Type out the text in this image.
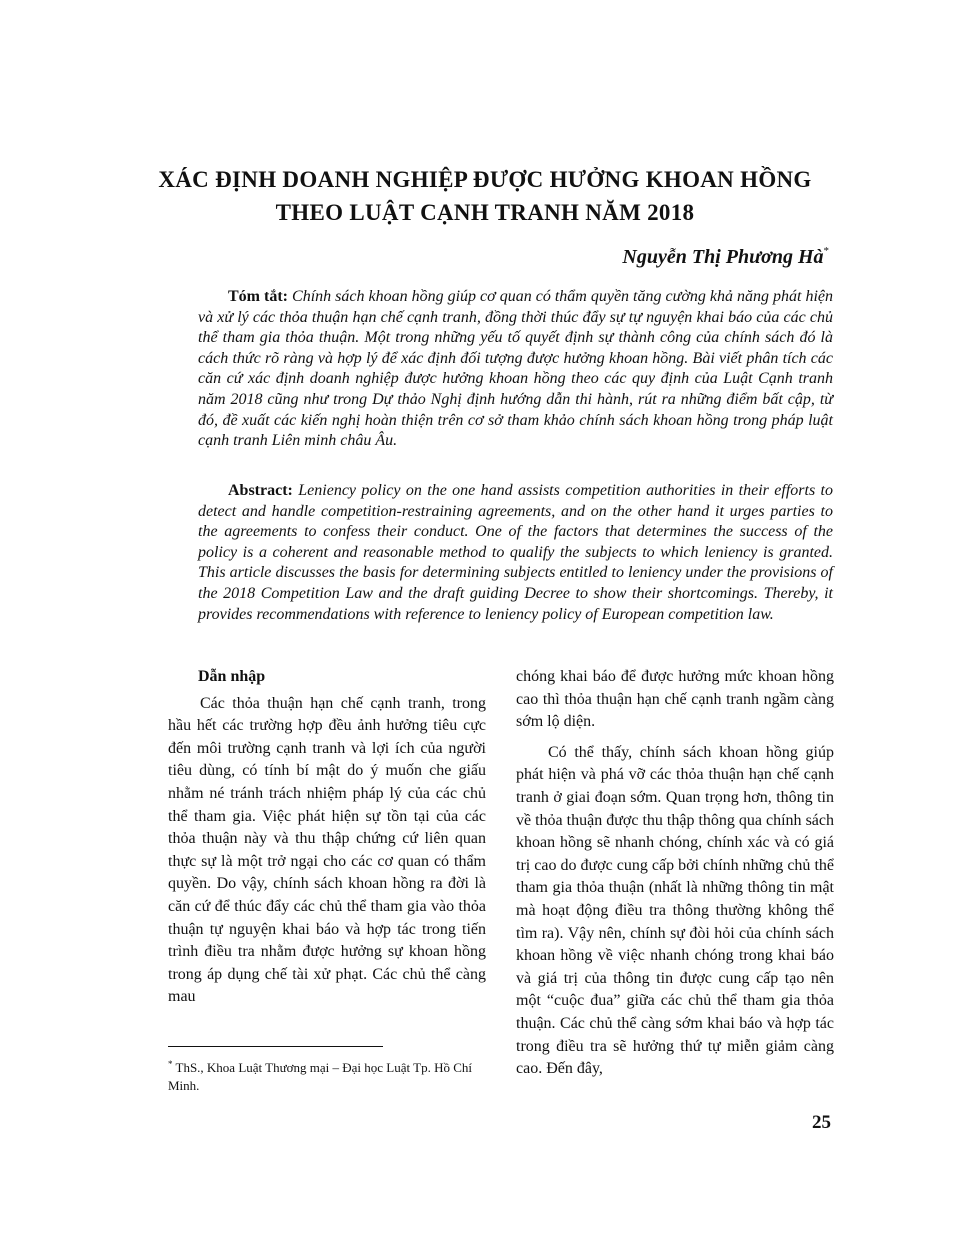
XÁC ĐỊNH DOANH NGHIỆP ĐƯỢC HƯỞNG KHOAN HỒNG
THEO LUẬT CẠNH TRANH NĂM 2018
Nguyễn Thị Phương Hà*
Tóm tắt: Chính sách khoan hồng giúp cơ quan có thẩm quyền tăng cường khả năng phát hiện và xử lý các thỏa thuận hạn chế cạnh tranh, đồng thời thúc đẩy sự tự nguyện khai báo của các chủ thể tham gia thỏa thuận. Một trong những yếu tố quyết định sự thành công của chính sách đó là cách thức rõ ràng và hợp lý để xác định đối tượng được hưởng khoan hồng. Bài viết phân tích các căn cứ xác định doanh nghiệp được hưởng khoan hồng theo các quy định của Luật Cạnh tranh năm 2018 cũng như trong Dự thảo Nghị định hướng dẫn thi hành, rút ra những điểm bất cập, từ đó, đề xuất các kiến nghị hoàn thiện trên cơ sở tham khảo chính sách khoan hồng trong pháp luật cạnh tranh Liên minh châu Âu.
Abstract: Leniency policy on the one hand assists competition authorities in their efforts to detect and handle competition-restraining agreements, and on the other hand it urges parties to the agreements to confess their conduct. One of the factors that determines the success of the policy is a coherent and reasonable method to qualify the subjects to which leniency is granted. This article discusses the basis for determining subjects entitled to leniency under the provisions of the 2018 Competition Law and the draft guiding Decree to show their shortcomings. Thereby, it provides recommendations with reference to leniency policy of European competition law.
Dẫn nhập

Các thỏa thuận hạn chế cạnh tranh, trong hầu hết các trường hợp đều ảnh hưởng tiêu cực đến môi trường cạnh tranh và lợi ích của người tiêu dùng, có tính bí mật do ý muốn che giấu nhằm né tránh trách nhiệm pháp lý của các chủ thể tham gia. Việc phát hiện sự tồn tại của các thỏa thuận này và thu thập chứng cứ liên quan thực sự là một trở ngại cho các cơ quan có thẩm quyền. Do vậy, chính sách khoan hồng ra đời là căn cứ để thúc đẩy các chủ thể tham gia vào thỏa thuận tự nguyện khai báo và hợp tác trong tiến trình điều tra nhằm được hưởng sự khoan hồng trong áp dụng chế tài xử phạt. Các chủ thể càng mau

chóng khai báo để được hưởng mức khoan hồng cao thì thỏa thuận hạn chế cạnh tranh ngầm càng sớm lộ diện.

Có thể thấy, chính sách khoan hồng giúp phát hiện và phá vỡ các thỏa thuận hạn chế cạnh tranh ở giai đoạn sớm. Quan trọng hơn, thông tin về thỏa thuận được thu thập thông qua chính sách khoan hồng sẽ nhanh chóng, chính xác và có giá trị cao do được cung cấp bởi chính những chủ thể tham gia thỏa thuận (nhất là những thông tin mật mà hoạt động điều tra thông thường không thể tìm ra). Vậy nên, chính sự đòi hỏi của chính sách khoan hồng về việc nhanh chóng trong khai báo và giá trị của thông tin được cung cấp tạo nên một “cuộc đua” giữa các chủ thể tham gia thỏa thuận. Các chủ thể càng sớm khai báo và hợp tác trong điều tra sẽ hưởng thứ tự miễn giảm càng cao. Đến đây,

* ThS., Khoa Luật Thương mại – Đại học Luật Tp. Hồ Chí Minh.
25
